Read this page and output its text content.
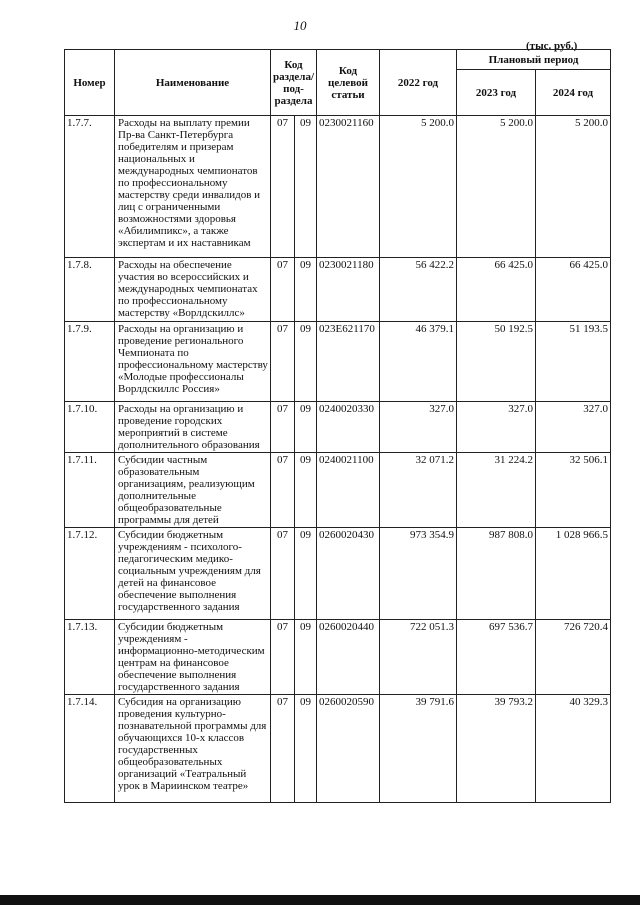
10
(тыс. руб.)
Номер	Наименование	Код раздела/ под-раздела		Код целевой статьи	2022 год	Плановый период	
						2023 год	2024 год
1.7.7.	Расходы на выплату премии Пр-ва Санкт-Петербурга победителям и призерам национальных и международных чемпионатов по профессиональному мастерству среди инвалидов и лиц с ограниченными возможностями здоровья «Абилимпикс», а также экспертам и их наставникам	07	09	0230021160	5 200.0	5 200.0	5 200.0
1.7.8.	Расходы на обеспечение участия во всероссийских и международных чемпионатах по профессиональному мастерству «Ворлдскиллс»	07	09	0230021180	56 422.2	66 425.0	66 425.0
1.7.9.	Расходы на организацию и проведение регионального Чемпионата по профессиональному мастерству «Молодые профессионалы Ворлдскиллс Россия»	07	09	023E621170	46 379.1	50 192.5	51 193.5
1.7.10.	Расходы на организацию и проведение городских мероприятий в системе дополнительного образования	07	09	0240020330	327.0	327.0	327.0
1.7.11.	Субсидии частным образовательным организациям, реализующим дополнительные общеобразовательные программы для детей	07	09	0240021100	32 071.2	31 224.2	32 506.1
1.7.12.	Субсидии бюджетным учреждениям - психолого-педагогическим медико-социальным учреждениям для детей на финансовое обеспечение выполнения государственного задания	07	09	0260020430	973 354.9	987 808.0	1 028 966.5
1.7.13.	Субсидии бюджетным учреждениям - информационно-методическим центрам на финансовое обеспечение выполнения государственного задания	07	09	0260020440	722 051.3	697 536.7	726 720.4
1.7.14.	Субсидия на организацию проведения культурно-познавательной программы для обучающихся 10-х классов государственных общеобразовательных организаций «Театральный урок в Мариинском театре»	07	09	0260020590	39 791.6	39 793.2	40 329.3
